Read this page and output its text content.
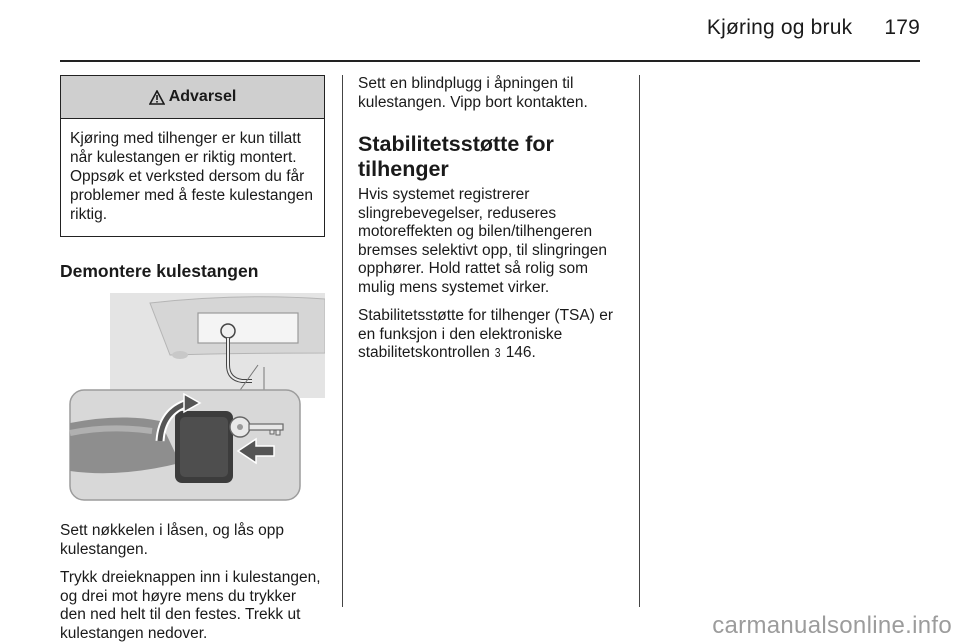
Kjøring og bruk 179
Advarsel
Kjøring med tilhenger er kun tillatt når kulestangen er riktig montert. Oppsøk et verksted dersom du får problemer med å feste kulestangen riktig.
Demontere kulestangen

Sett nøkkelen i låsen, og lås opp kulestangen.

Trykk dreieknappen inn i kulestangen, og drei mot høyre mens du trykker den ned helt til den festes. Trekk ut kulestangen nedover.

Sett en blindplugg i åpningen til kulestangen. Vipp bort kontakten.

Stabilitetsstøtte for tilhenger

Hvis systemet registrerer slingrebevegelser, reduseres motoreffekten og bilen/tilhengeren bremses selektivt opp, til slingringen opphører. Hold rattet så rolig som mulig mens systemet virker.

Stabilitetsstøtte for tilhenger (TSA) er en funksjon i den elektroniske stabilitetskontrollen 3 146.

carmanualsonline.info
